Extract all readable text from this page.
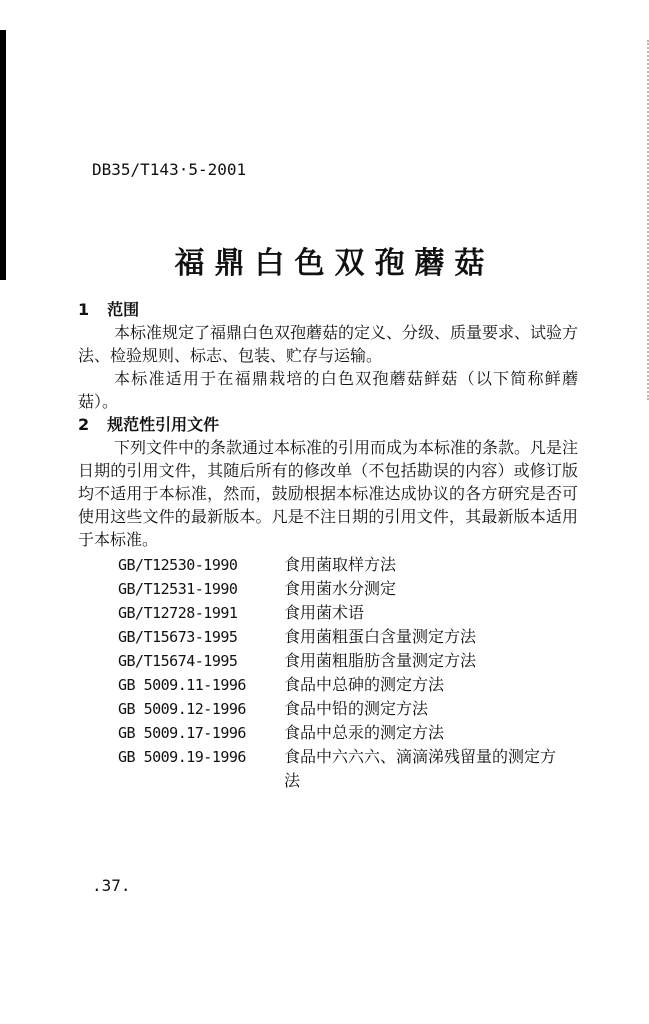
DB35/T143·5-2001
福鼎白色双孢蘑菇

1 范围

本标准规定了福鼎白色双孢蘑菇的定义、分级、质量要求、试验方法、检验规则、标志、包装、贮存与运输。

本标准适用于在福鼎栽培的白色双孢蘑菇鲜菇（以下简称鲜蘑菇）。

2 规范性引用文件

下列文件中的条款通过本标准的引用而成为本标准的条款。凡是注日期的引用文件，其随后所有的修改单（不包括勘误的内容）或修订版均不适用于本标准，然而，鼓励根据本标准达成协议的各方研究是否可使用这些文件的最新版本。凡是不注日期的引用文件，其最新版本适用于本标准。

GB/T12530-1990	食用菌取样方法
GB/T12531-1990	食用菌水分测定
GB/T12728-1991	食用菌术语
GB/T15673-1995	食用菌粗蛋白含量测定方法
GB/T15674-1995	食用菌粗脂肪含量测定方法
GB 5009.11-1996	食品中总砷的测定方法
GB 5009.12-1996	食品中铅的测定方法
GB 5009.17-1996	食品中总汞的测定方法
GB 5009.19-1996	食品中六六六、滴滴涕残留量的测定方法
.37.
